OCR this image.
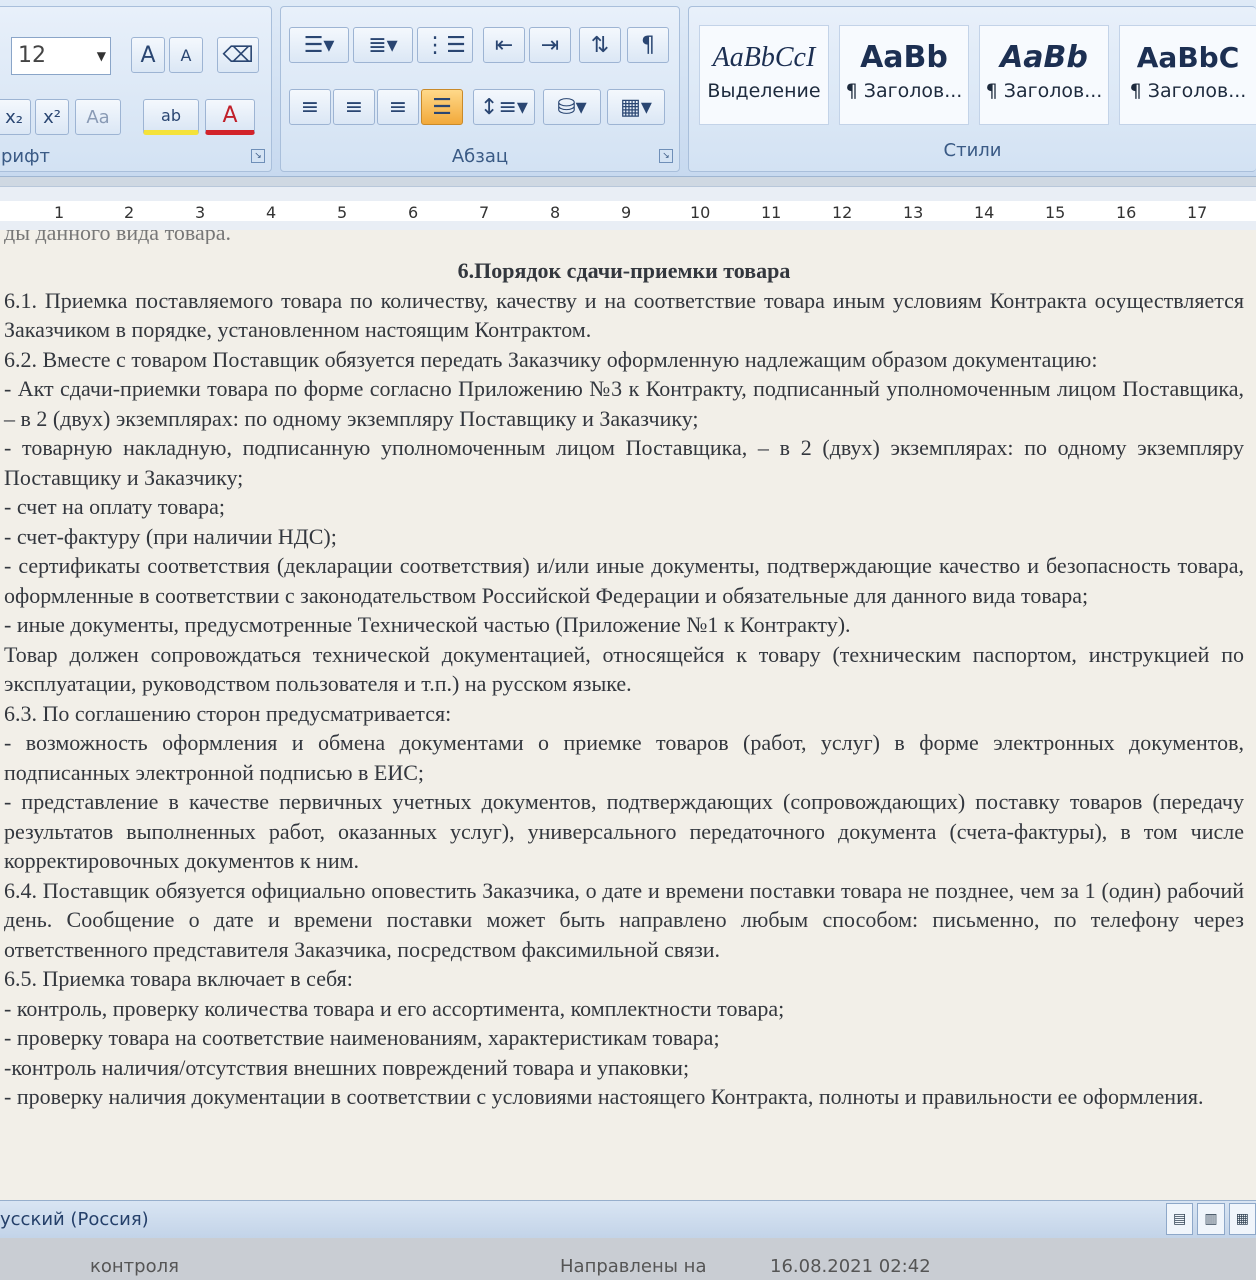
12	▼ A A ⌫
x₂ x² Aa	ab A
рифт	↘
☰▾ ≣▾ ⋮☰ ⇤ ⇥ ⇅ ¶
≡ ≡ ≡ ☰ ↕≡▾ ⛁▾ ▦▾
Абзац	↘
AaBbCcI
Выделение
AaBb
¶ Заголов...
AaBb
¶ Заголов...
AaBbC
¶ Заголов...
Стили
1	2	3	4	5	6	7	8	9	10	11	12	13	14	15	16	17

ды данного вида товара.

6.Порядок сдачи-приемки товара

6.1. Приемка поставляемого товара по количеству, качеству и на соответствие товара иным условиям Контракта осуществляется Заказчиком в порядке, установленном настоящим Контрактом.

6.2. Вместе с товаром Поставщик обязуется передать Заказчику оформленную надлежащим образом документацию:

- Акт сдачи-приемки товара по форме согласно Приложению №3 к Контракту, подписанный уполномоченным лицом Поставщика, – в 2 (двух) экземплярах: по одному экземпляру Поставщику и Заказчику;

- товарную накладную, подписанную уполномоченным лицом Поставщика, – в 2 (двух) экземплярах: по одному экземпляру Поставщику и Заказчику;

- счет на оплату товара;

- счет-фактуру (при наличии НДС);

- сертификаты соответствия (декларации соответствия) и/или иные документы, подтверждающие качество и безопасность товара, оформленные в соответствии с законодательством Российской Федерации и обязательные для данного вида товара;

- иные документы, предусмотренные Технической частью (Приложение №1 к Контракту).

Товар должен сопровождаться технической документацией, относящейся к товару (техническим паспортом, инструкцией по эксплуатации, руководством пользователя и т.п.) на русском языке.

6.3. По соглашению сторон предусматривается:

- возможность оформления и обмена документами о приемке товаров (работ, услуг) в форме электронных документов, подписанных электронной подписью в ЕИС;

- представление в качестве первичных учетных документов, подтверждающих (сопровождающих) поставку товаров (передачу результатов выполненных работ, оказанных услуг), универсального передаточного документа (счета-фактуры), в том числе корректировочных документов к ним.

6.4. Поставщик обязуется официально оповестить Заказчика, о дате и времени поставки товара не позднее, чем за 1 (один) рабочий день. Сообщение о дате и времени поставки может быть направлено любым способом: письменно, по телефону через ответственного представителя Заказчика, посредством факсимильной связи.

6.5. Приемка товара включает в себя:

- контроль, проверку количества товара и его ассортимента, комплектности товара;

- проверку товара на соответствие наименованиям, характеристикам товара;

-контроль наличия/отсутствия внешних повреждений товара и упаковки;

- проверку наличия документации в соответствии с условиями настоящего Контракта, полноты и правильности ее оформления.

усский (Россия)	▤	▥	▦
контроля	Направлены на	16.08.2021 02:42
